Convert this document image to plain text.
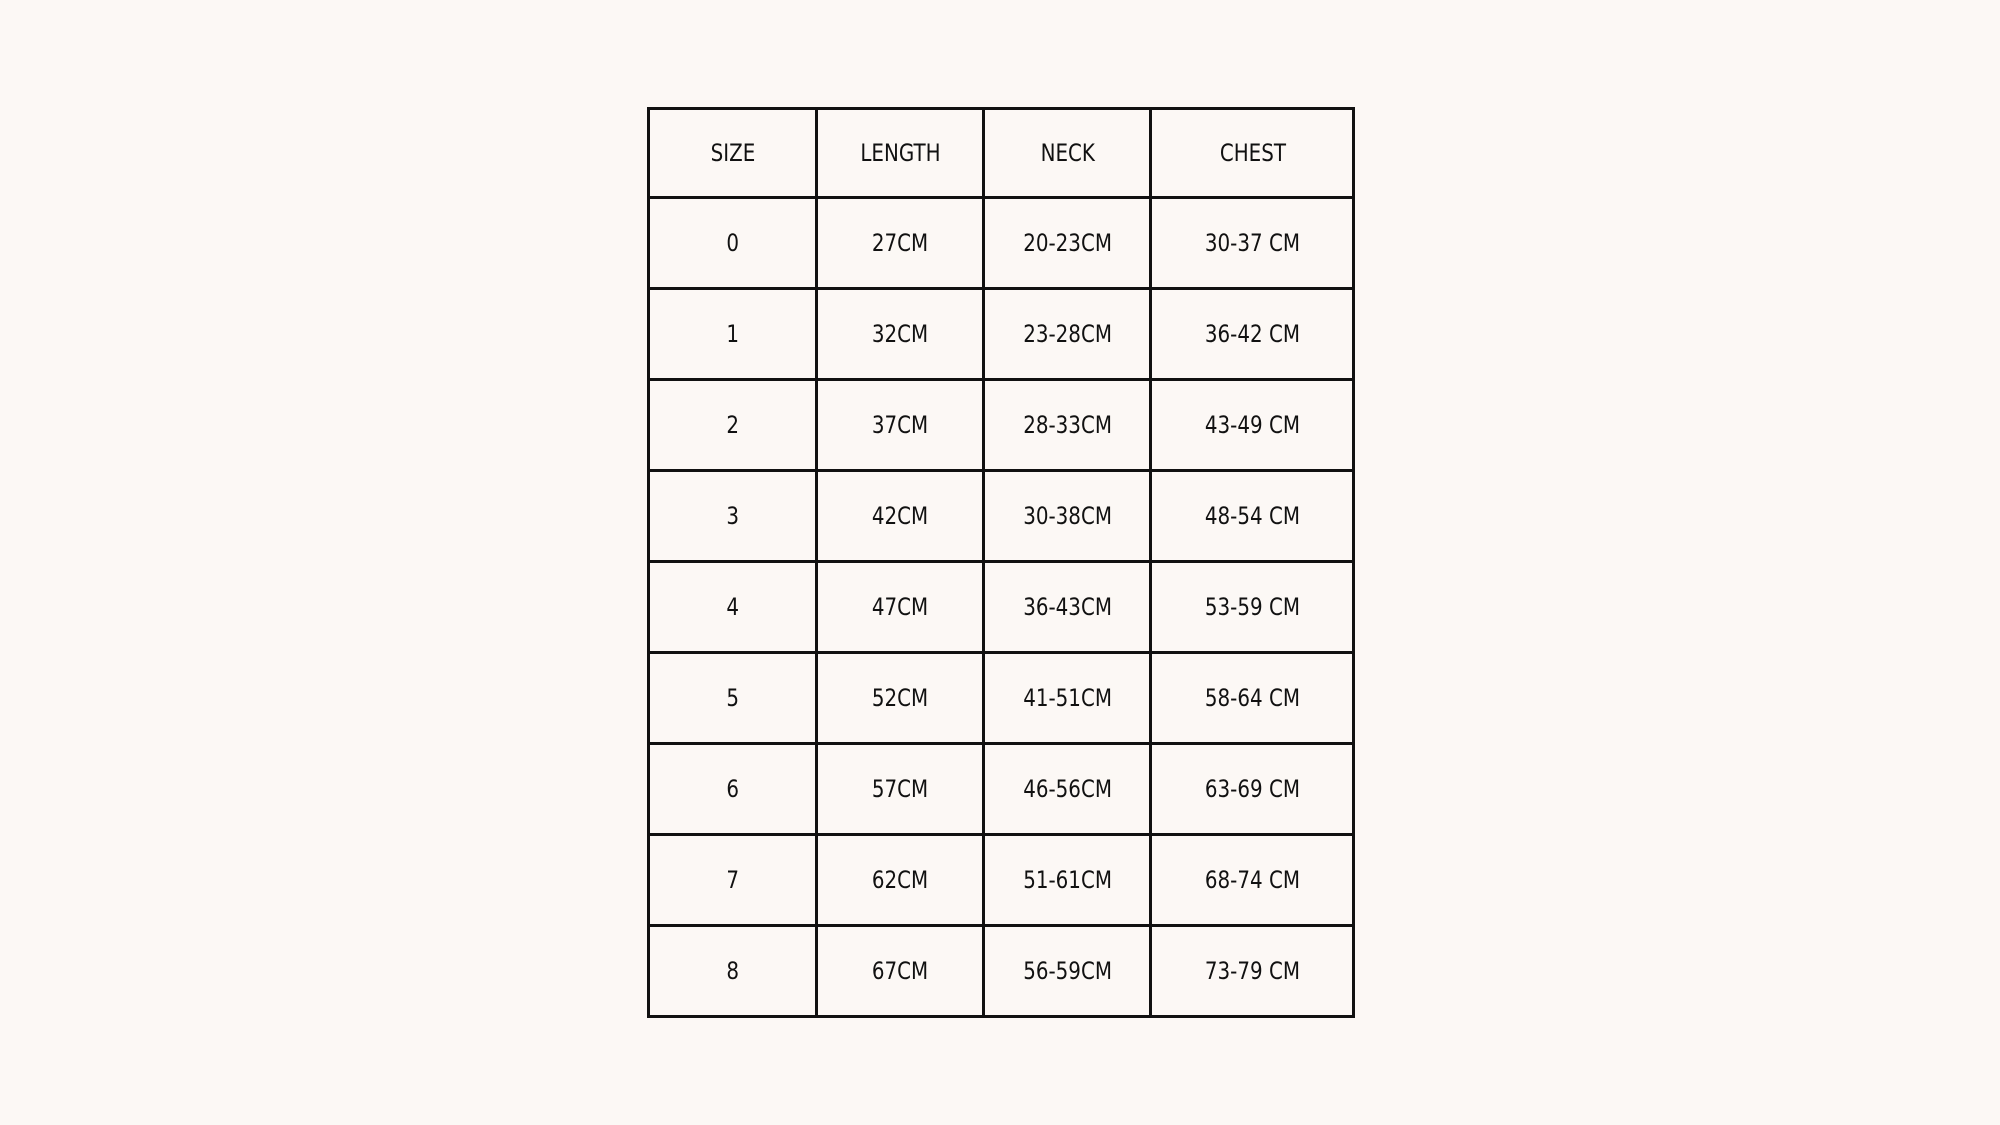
SIZE	LENGTH	NECK	CHEST
0	27CM	20-23CM	30-37 CM
1	32CM	23-28CM	36-42 CM
2	37CM	28-33CM	43-49 CM
3	42CM	30-38CM	48-54 CM
4	47CM	36-43CM	53-59 CM
5	52CM	41-51CM	58-64 CM
6	57CM	46-56CM	63-69 CM
7	62CM	51-61CM	68-74 CM
8	67CM	56-59CM	73-79 CM
